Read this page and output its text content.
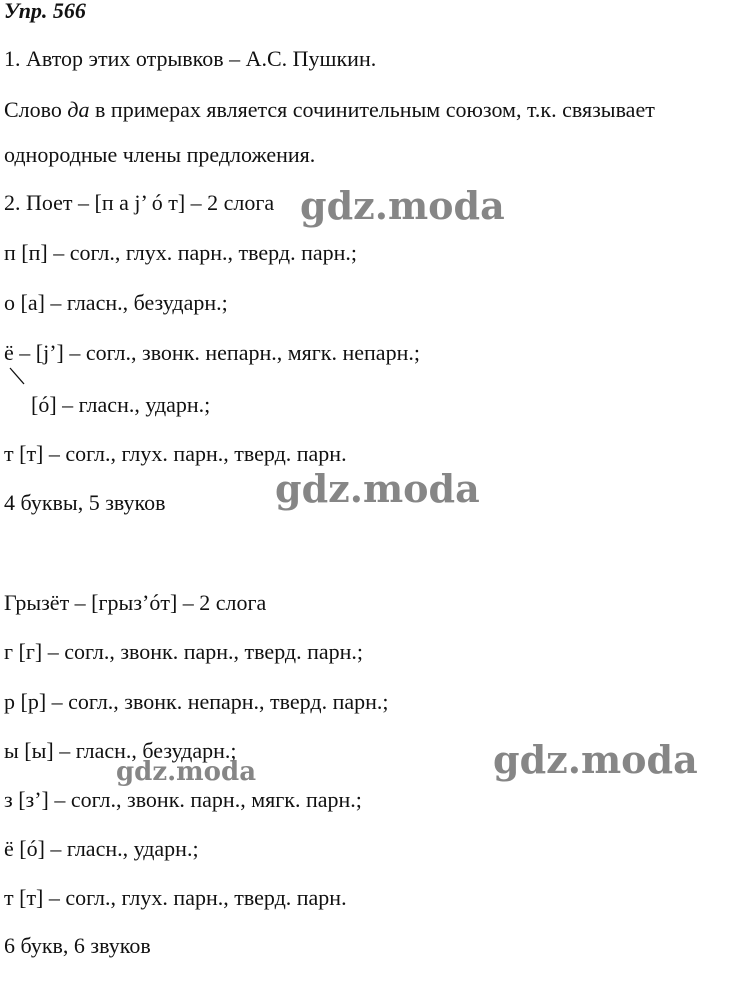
Упр. 566
1. Автор этих отрывков – А.С. Пушкин.
Слово да в примерах является сочинительным союзом, т.к. связывает
однородные члены предложения.
2. Поет – [п а j’ ó т] – 2 слога
п [п] – согл., глух. парн., тверд. парн.;
о [а] – гласн., безударн.;
ё – [j’] – согл., звонк. непарн., мягк. непарн.;
[ó] – гласн., ударн.;
т [т] – согл., глух. парн., тверд. парн.
4 буквы, 5 звуков
Грызёт – [грыз’óт] – 2 слога
г [г] – согл., звонк. парн., тверд. парн.;
р [р] – согл., звонк. непарн., тверд. парн.;
ы [ы] – гласн., безударн.;
з [з’] – согл., звонк. парн., мягк. парн.;
ё [ó] – гласн., ударн.;
т [т] – согл., глух. парн., тверд. парн.
6 букв, 6 звуков
gdz.moda
gdz.moda
gdz.moda	gdz.moda
